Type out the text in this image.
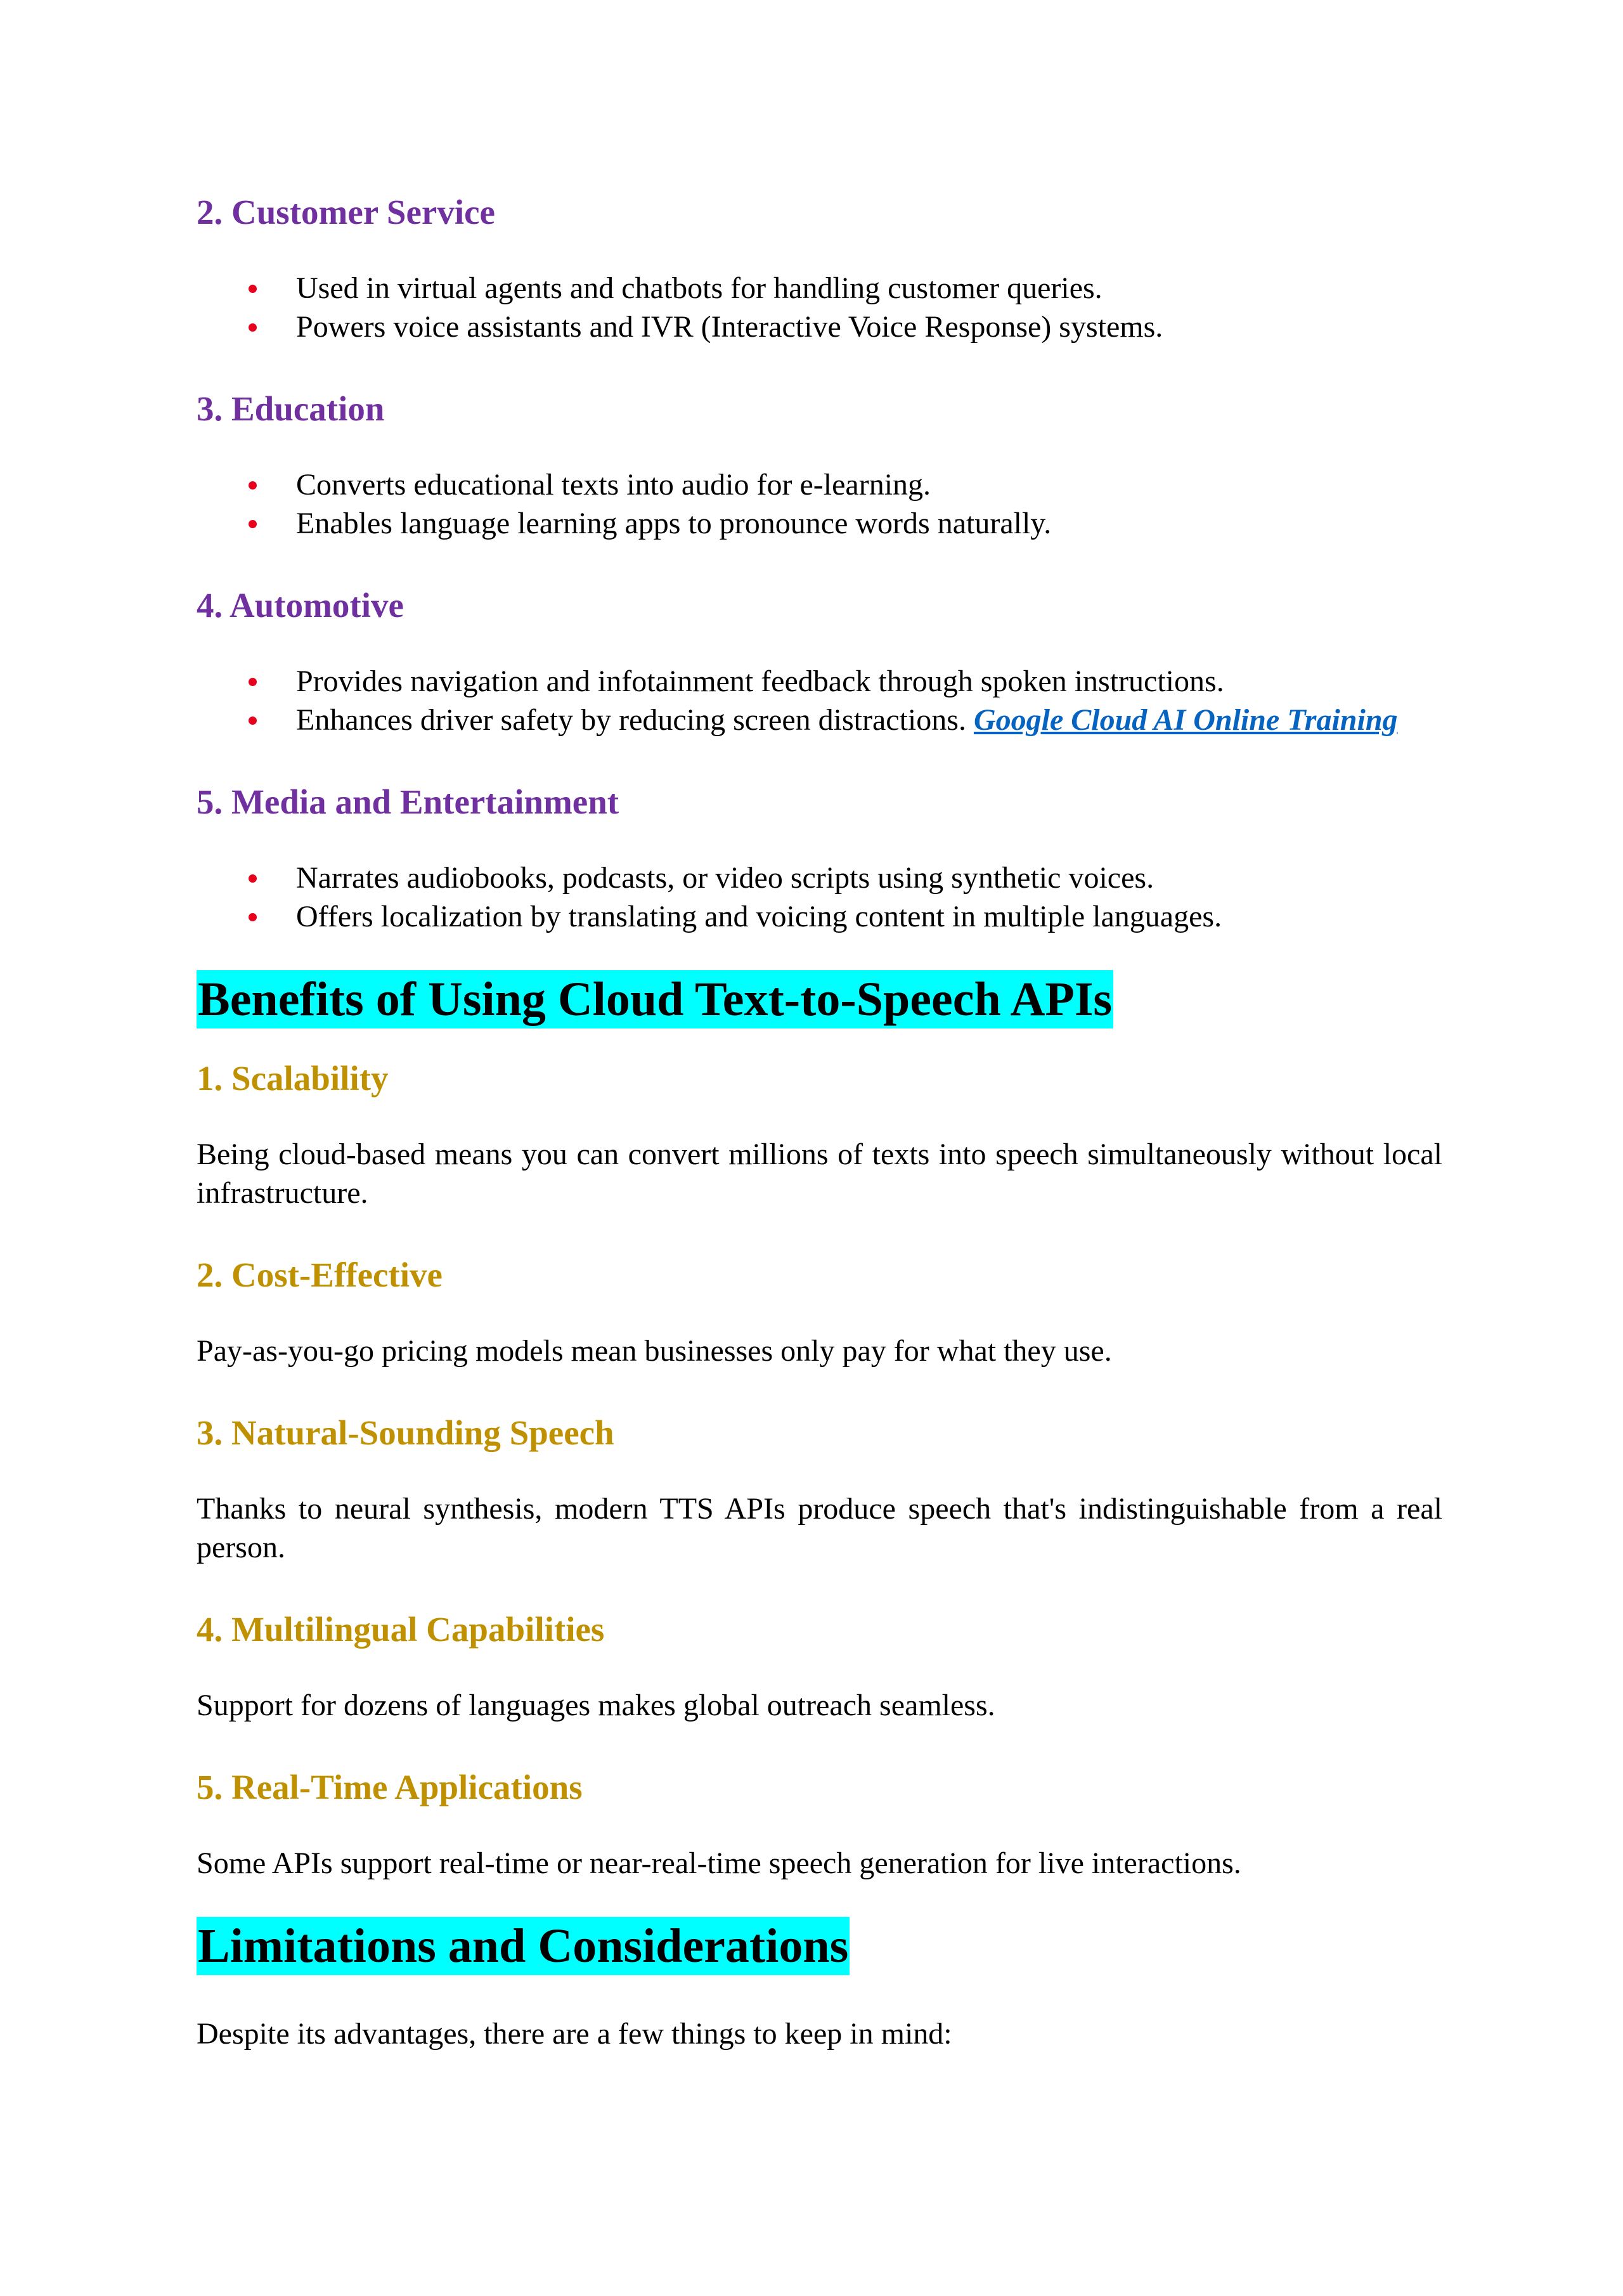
2. Customer Service
Used in virtual agents and chatbots for handling customer queries.
Powers voice assistants and IVR (Interactive Voice Response) systems.
3. Education
Converts educational texts into audio for e-learning.
Enables language learning apps to pronounce words naturally.
4. Automotive
Provides navigation and infotainment feedback through spoken instructions.
Enhances driver safety by reducing screen distractions. Google Cloud AI Online Training
5. Media and Entertainment
Narrates audiobooks, podcasts, or video scripts using synthetic voices.
Offers localization by translating and voicing content in multiple languages.
Benefits of Using Cloud Text-to-Speech APIs
1. Scalability

Being cloud-based means you can convert millions of texts into speech simultaneously without local infrastructure.

2. Cost-Effective

Pay-as-you-go pricing models mean businesses only pay for what they use.

3. Natural-Sounding Speech

Thanks to neural synthesis, modern TTS APIs produce speech that's indistinguishable from a real person.

4. Multilingual Capabilities

Support for dozens of languages makes global outreach seamless.

5. Real-Time Applications

Some APIs support real-time or near-real-time speech generation for live interactions.

Limitations and Considerations

Despite its advantages, there are a few things to keep in mind:
